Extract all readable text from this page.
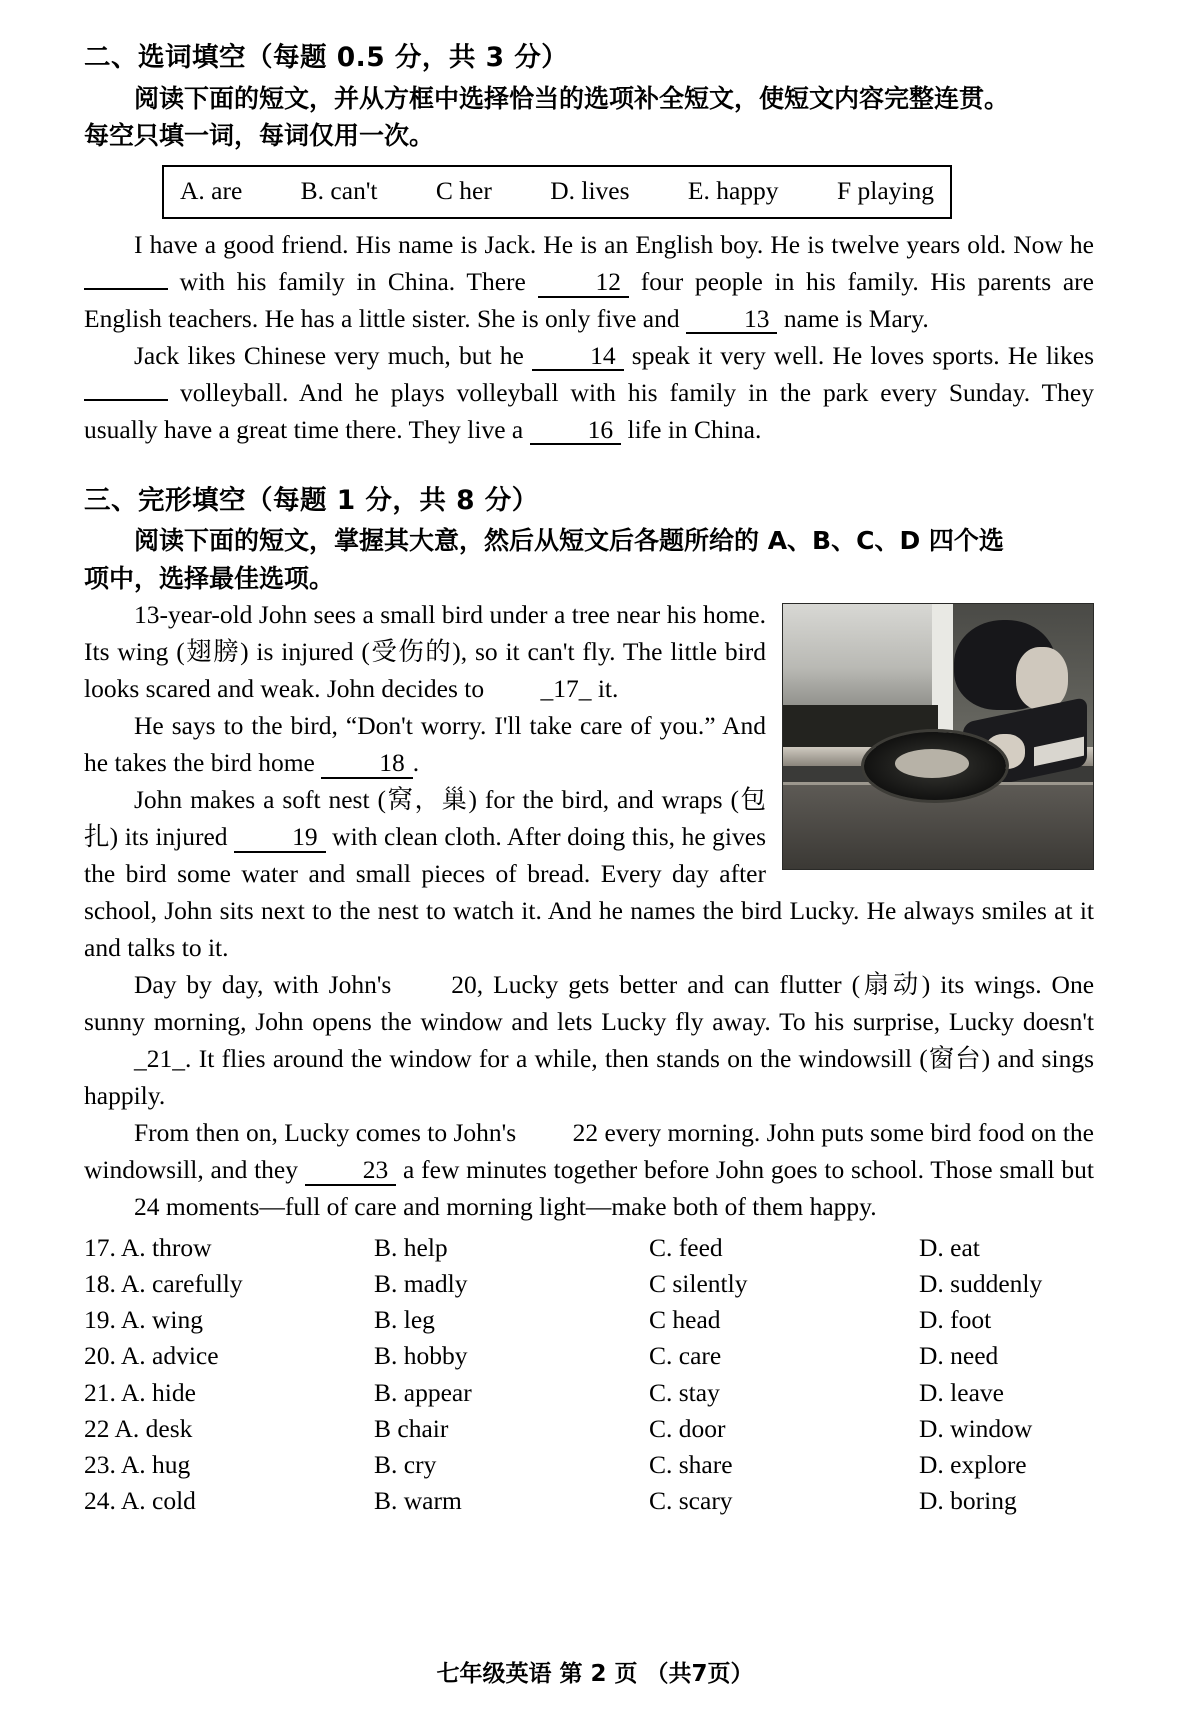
二、选词填空（每题 0.5 分，共 3 分）
阅读下面的短文，并从方框中选择恰当的选项补全短文，使短文内容完整连贯。
每空只填一词，每词仅用一次。
A. are B. can't C her D. lives E. happy F playing

I have a good friend. His name is Jack. He is an English boy. He is twelve years old. Now he  with his family in China. There 12 four people in his family. His parents are English teachers. He has a little sister. She is only five and 13 name is Mary.

Jack likes Chinese very much, but he 14 speak it very well. He loves sports. He likes  volleyball. And he plays volleyball with his family in the park every Sunday. They usually have a great time there. They live a 16 life in China.

三、完形填空（每题 1 分，共 8 分）
阅读下面的短文，掌握其大意，然后从短文后各题所给的 A、B、C、D 四个选
项中，选择最佳选项。

13-year-old John sees a small bird under a tree near his home. Its wing (翅膀) is injured (受伤的), so it can't fly. The little bird looks scared and weak. John decides to _17_ it.

He says to the bird, “Don't worry. I'll take care of you.” And he takes the bird home 18 .

John makes a soft nest (窝，巢) for the bird, and wraps (包扎) its injured 19 with clean cloth. After doing this, he gives the bird some water and small pieces of bread. Every day after school, John sits next to the nest to watch it. And he names the bird Lucky. He always smiles at it and talks to it.

Day by day, with John's 20, Lucky gets better and can flutter (扇动) its wings. One sunny morning, John opens the window and lets Lucky fly away. To his surprise, Lucky doesn't _21_. It flies around the window for a while, then stands on the windowsill (窗台) and sings happily.

From then on, Lucky comes to John's 22 every morning. John puts some bird food on the windowsill, and they 23 a few minutes together before John goes to school. Those small but 24 moments—full of care and morning light—make both of them happy.

17. A. throw	B. help	C. feed	D. eat
18. A. carefully	B. madly	C silently	D. suddenly
19. A. wing	B. leg	C head	D. foot
20. A. advice	B. hobby	C. care	D. need
21. A. hide	B. appear	C. stay	D. leave
22 A. desk	B chair	C. door	D. window
23. A. hug	B. cry	C. share	D. explore
24. A. cold	B. warm	C. scary	D. boring
七年级英语 第 2 页 （共7页）
